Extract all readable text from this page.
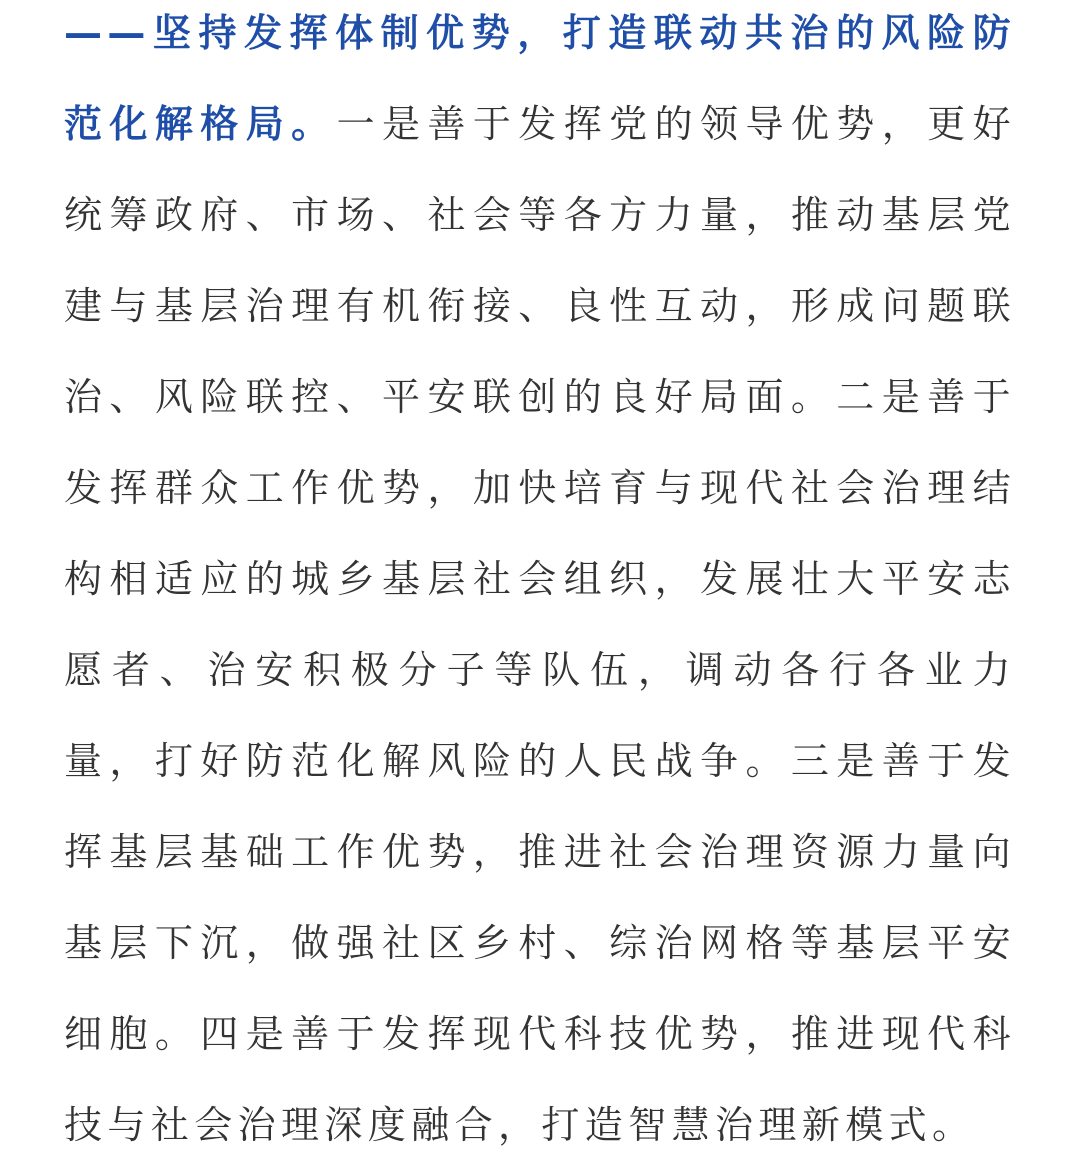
——坚持发挥体制优势，打造联动共治的风险防范化解格局。一是善于发挥党的领导优势，更好统筹政府、市场、社会等各方力量，推动基层党建与基层治理有机衔接、良性互动，形成问题联治、风险联控、平安联创的良好局面。二是善于发挥群众工作优势，加快培育与现代社会治理结构相适应的城乡基层社会组织，发展壮大平安志愿者、治安积极分子等队伍，调动各行各业力量，打好防范化解风险的人民战争。三是善于发挥基层基础工作优势，推进社会治理资源力量向基层下沉，做强社区乡村、综治网格等基层平安细胞。四是善于发挥现代科技优势，推进现代科技与社会治理深度融合，打造智慧治理新模式。
